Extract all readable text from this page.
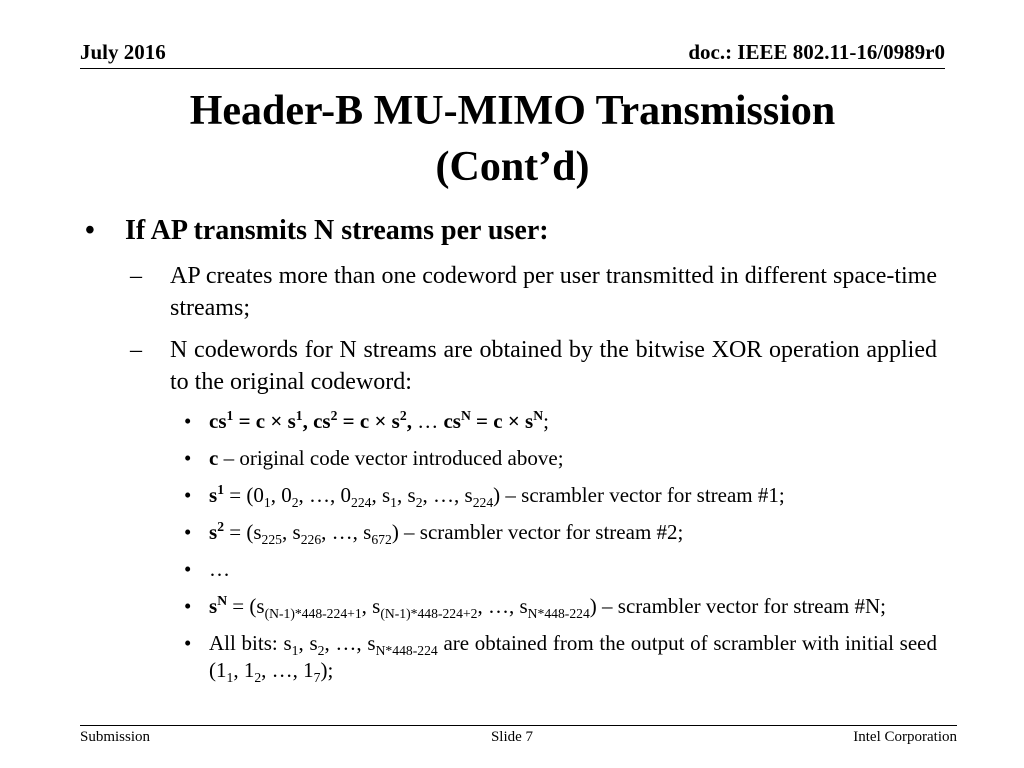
July 2016	doc.: IEEE 802.11-16/0989r0
Header-B MU-MIMO Transmission
(Cont’d)
•	If AP transmits N streams per user:
–	AP creates more than one codeword per user transmitted in different space-time streams;
–	N codewords for N streams are obtained by the bitwise XOR operation applied to the original codeword:
• $cs^1 = c \times s^1$, $cs^2 = c \times s^2$, … $cs^N = c \times s^N$;
• c – original code vector introduced above;
• $s^1 = (0_1$, $0_2$, …, $0_{224}$, $s_1$, $s_2$, …, $s_{224}$) – scrambler vector for stream #1;
• $s^2 = (s_{225}$, $s_{226}$, …, $s_{672}$) – scrambler vector for stream #2;
• …
• $s^N = (s_{(N-1)*448-224+1}$, $s_{(N-1)*448-224+2}$, …, $s_{N*448-224}$) – scrambler vector for stream #N;
• All bits: $s_1$, $s_2$, …, $s_{N*448-224}$ are obtained from the output of scrambler with initial seed ($1_1$, $1_2$, …, $1_7$);
Submission	Slide 7	Intel Corporation
